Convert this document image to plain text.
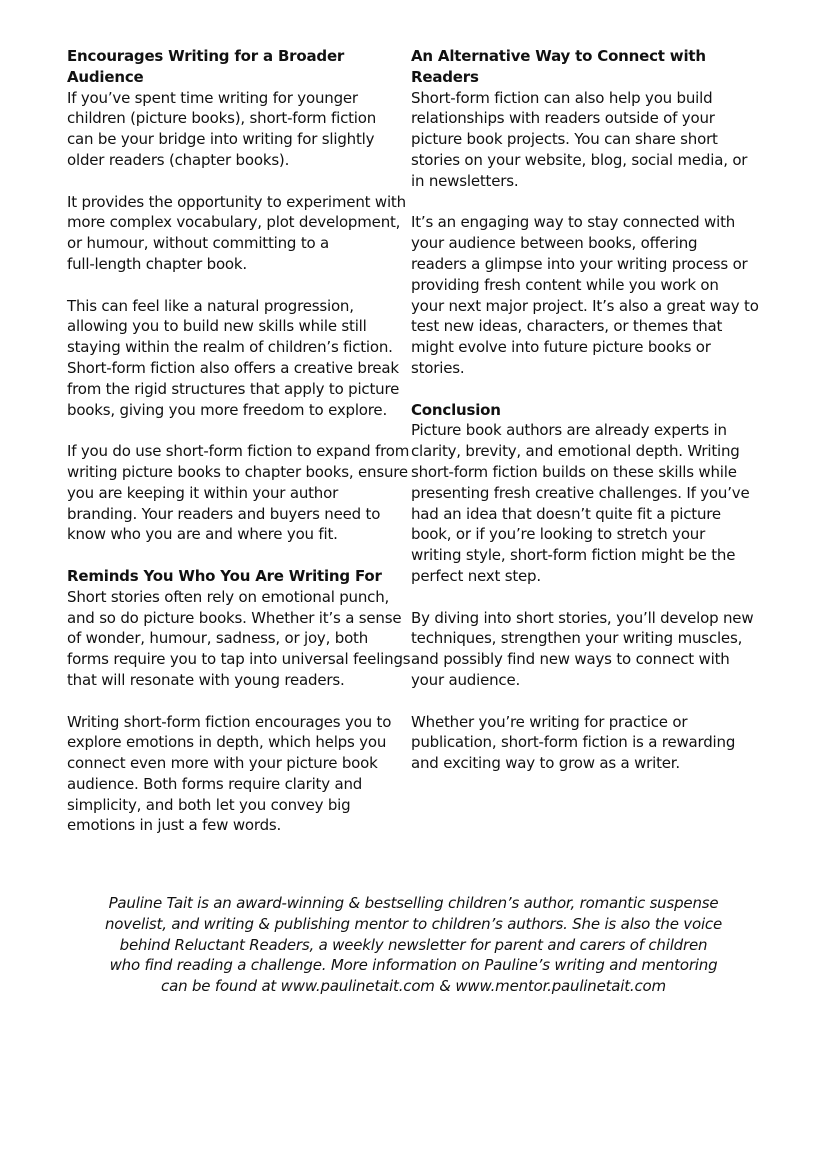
Encourages Writing for a Broader Audience
If you’ve spent time writing for younger
children (picture books), short-form fiction
can be your bridge into writing for slightly
older readers (chapter books).
It provides the opportunity to experiment with
more complex vocabulary, plot development,
or humour, without committing to a
full-length chapter book.
This can feel like a natural progression,
allowing you to build new skills while still
staying within the realm of children’s fiction.
Short-form fiction also offers a creative break
from the rigid structures that apply to picture
books, giving you more freedom to explore.
If you do use short-form fiction to expand from
writing picture books to chapter books, ensure
you are keeping it within your author
branding. Your readers and buyers need to
know who you are and where you fit.
Reminds You Who You Are Writing For
Short stories often rely on emotional punch,
and so do picture books. Whether it’s a sense
of wonder, humour, sadness, or joy, both
forms require you to tap into universal feelings
that will resonate with young readers.
Writing short-form fiction encourages you to
explore emotions in depth, which helps you
connect even more with your picture book
audience. Both forms require clarity and
simplicity, and both let you convey big
emotions in just a few words.
An Alternative Way to Connect with Readers
Short-form fiction can also help you build
relationships with readers outside of your
picture book projects. You can share short
stories on your website, blog, social media, or
in newsletters.
It’s an engaging way to stay connected with
your audience between books, offering
readers a glimpse into your writing process or
providing fresh content while you work on
your next major project. It’s also a great way to
test new ideas, characters, or themes that
might evolve into future picture books or
stories.
Conclusion
Picture book authors are already experts in
clarity, brevity, and emotional depth. Writing
short-form fiction builds on these skills while
presenting fresh creative challenges. If you’ve
had an idea that doesn’t quite fit a picture
book, or if you’re looking to stretch your
writing style, short-form fiction might be the
perfect next step.
By diving into short stories, you’ll develop new
techniques, strengthen your writing muscles,
and possibly find new ways to connect with
your audience.
Whether you’re writing for practice or
publication, short-form fiction is a rewarding
and exciting way to grow as a writer.
Pauline Tait is an award-winning & bestselling children’s author, romantic suspense
novelist, and writing & publishing mentor to children’s authors. She is also the voice
behind Reluctant Readers, a weekly newsletter for parent and carers of children
who find reading a challenge. More information on Pauline’s writing and mentoring
can be found at www.paulinetait.com & www.mentor.paulinetait.com
